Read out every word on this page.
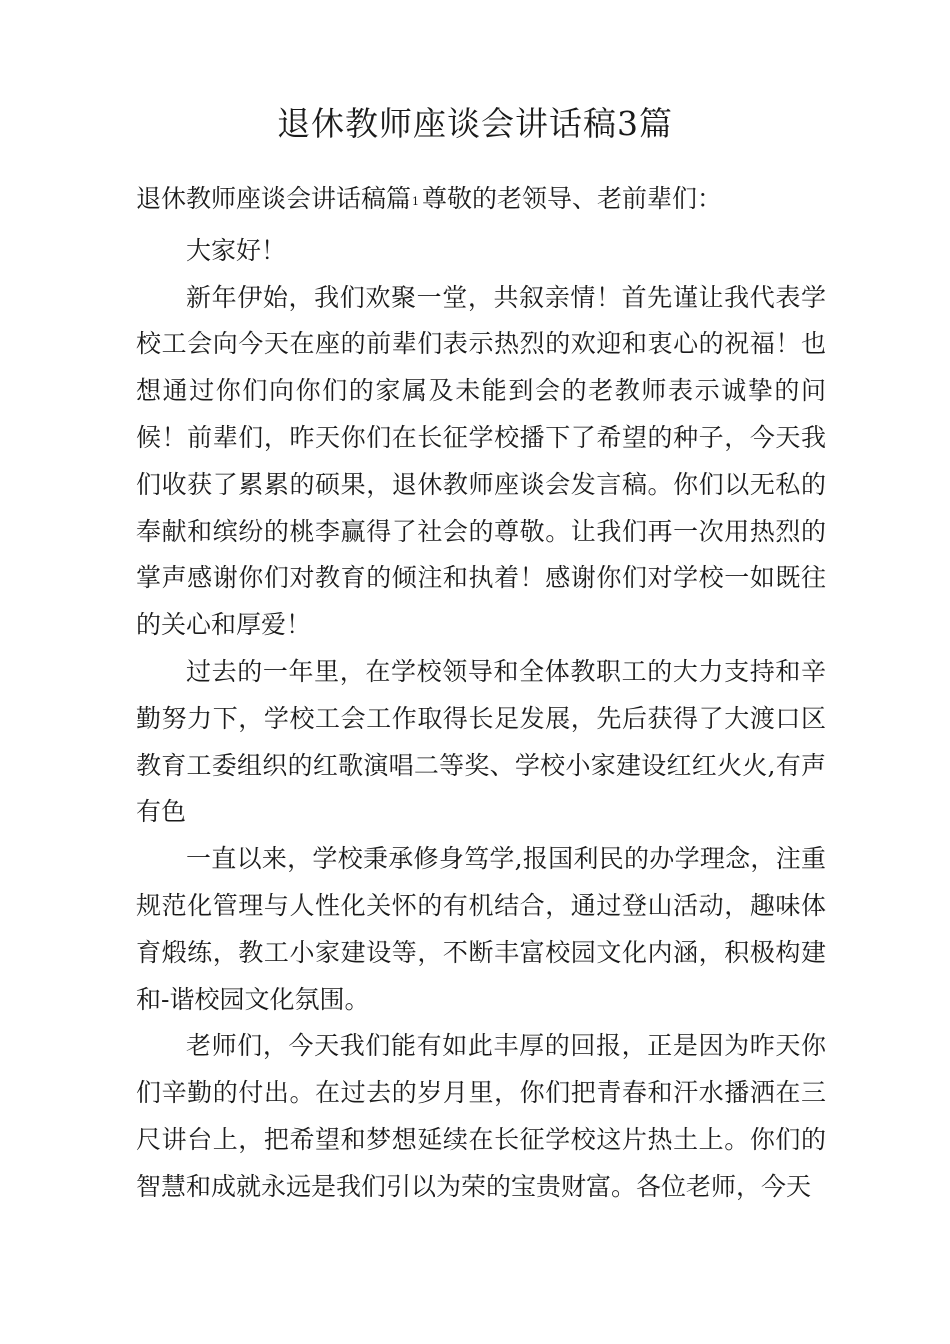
退休教师座谈会讲话稿3篇

退休教师座谈会讲话稿篇1 尊敬的老领导、老前辈们：

大家好！

新年伊始，我们欢聚一堂，共叙亲情！首先谨让我代表学校工会向今天在座的前辈们表示热烈的欢迎和衷心的祝福！也想通过你们向你们的家属及未能到会的老教师表示诚挚的问候！前辈们，昨天你们在长征学校播下了希望的种子，今天我们收获了累累的硕果，退休教师座谈会发言稿。你们以无私的奉献和缤纷的桃李赢得了社会的尊敬。让我们再一次用热烈的掌声感谢你们对教育的倾注和执着！感谢你们对学校一如既往的关心和厚爱！

过去的一年里，在学校领导和全体教职工的大力支持和辛勤努力下，学校工会工作取得长足发展，先后获得了大渡口区教育工委组织的红歌演唱二等奖、学校小家建设红红火火,有声有色

一直以来，学校秉承修身笃学,报国利民的办学理念，注重规范化管理与人性化关怀的有机结合，通过登山活动，趣味体育煅练，教工小家建设等，不断丰富校园文化内涵，积极构建和-谐校园文化氛围。

老师们，今天我们能有如此丰厚的回报，正是因为昨天你们辛勤的付出。在过去的岁月里，你们把青春和汗水播洒在三尺讲台上，把希望和梦想延续在长征学校这片热土上。你们的智慧和成就永远是我们引以为荣的宝贵财富。各位老师，今天
